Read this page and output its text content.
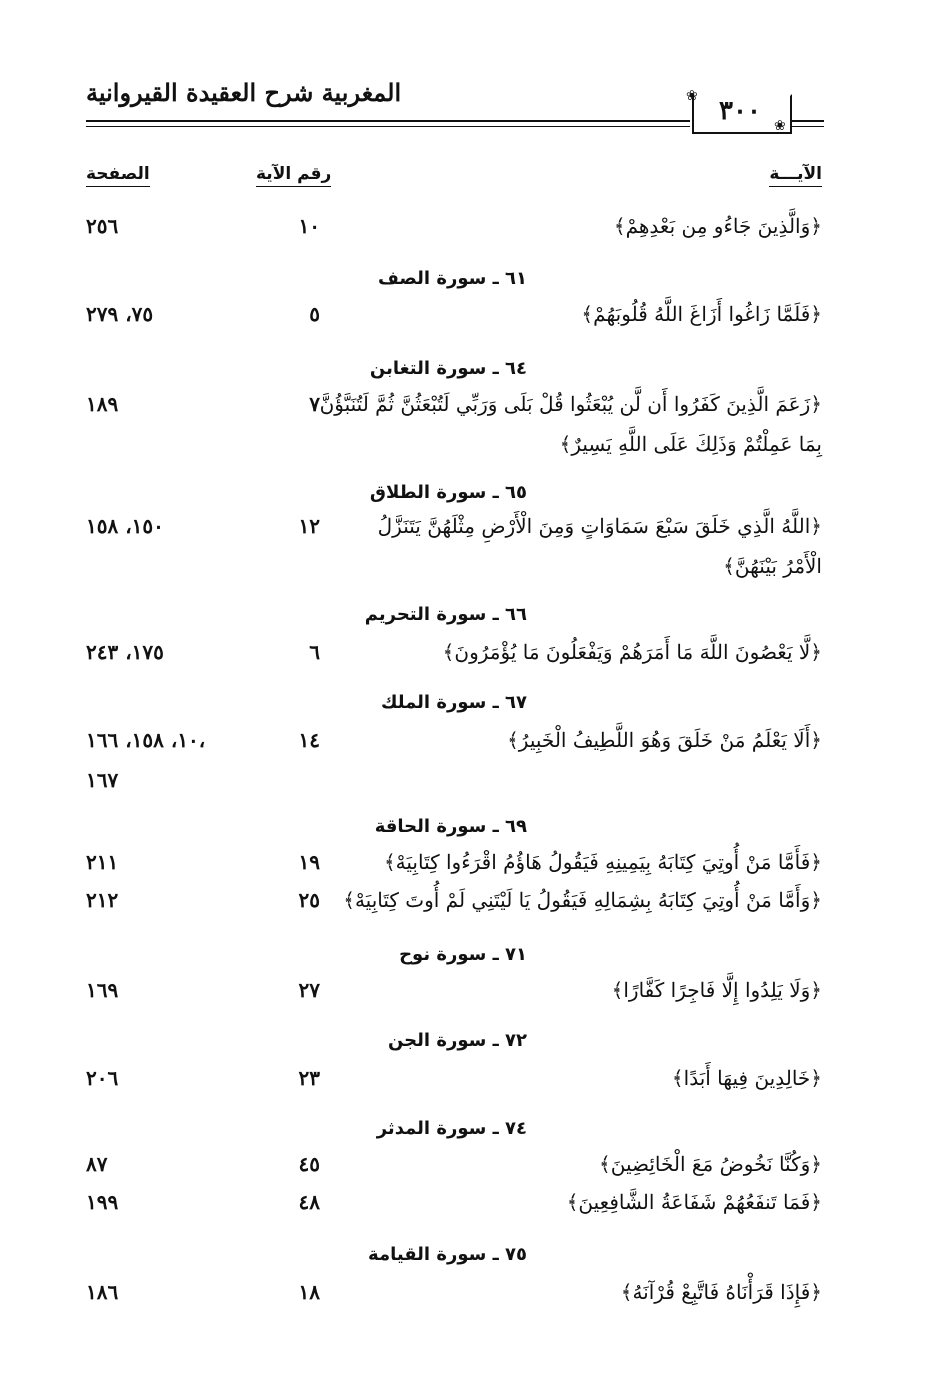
المغربية شرح العقيدة القيروانية	❀
❀
٣٠٠
الآيـــة
رقم الآية
الصفحة
﴿وَالَّذِينَ جَاءُو مِن بَعْدِهِمْ﴾
١٠
٢٥٦
٦١ ـ سورة الصف
﴿فَلَمَّا زَاغُوا أَزَاغَ اللَّهُ قُلُوبَهُمْ﴾
٥
٧٥، ٢٧٩
٦٤ ـ سورة التغابن
﴿زَعَمَ الَّذِينَ كَفَرُوا أَن لَّن يُبْعَثُوا قُلْ بَلَى وَرَبِّي لَتُبْعَثُنَّ ثُمَّ لَتُنَبَّؤُنَّ
بِمَا عَمِلْتُمْ وَذَلِكَ عَلَى اللَّهِ يَسِيرٌ﴾
٧
١٨٩
٦٥ ـ سورة الطلاق
﴿اللَّهُ الَّذِي خَلَقَ سَبْعَ سَمَاوَاتٍ وَمِنَ الْأَرْضِ مِثْلَهُنَّ يَتَنَزَّلُ
الْأَمْرُ بَيْنَهُنَّ﴾
١٢
١٥٠، ١٥٨
٦٦ ـ سورة التحريم
﴿لَّا يَعْصُونَ اللَّهَ مَا أَمَرَهُمْ وَيَفْعَلُونَ مَا يُؤْمَرُونَ﴾
٦
١٧٥، ٢٤٣
٦٧ ـ سورة الملك
﴿أَلَا يَعْلَمُ مَنْ خَلَقَ وَهُوَ اللَّطِيفُ الْخَبِيرُ﴾
١٤
١٠، ١٥٨، ١٦٦،
١٦٧
٦٩ ـ سورة الحاقة
﴿فَأَمَّا مَنْ أُوتِيَ كِتَابَهُ بِيَمِينِهِ فَيَقُولُ هَاؤُمُ اقْرَءُوا كِتَابِيَهْ﴾
١٩
٢١١
﴿وَأَمَّا مَنْ أُوتِيَ كِتَابَهُ بِشِمَالِهِ فَيَقُولُ يَا لَيْتَنِي لَمْ أُوتَ كِتَابِيَهْ﴾
٢٥
٢١٢
٧١ ـ سورة نوح
﴿وَلَا يَلِدُوا إِلَّا فَاجِرًا كَفَّارًا﴾
٢٧
١٦٩
٧٢ ـ سورة الجن
﴿خَالِدِينَ فِيهَا أَبَدًا﴾
٢٣
٢٠٦
٧٤ ـ سورة المدثر
﴿وَكُنَّا نَخُوضُ مَعَ الْخَائِضِينَ﴾
٤٥
٨٧
﴿فَمَا تَنفَعُهُمْ شَفَاعَةُ الشَّافِعِينَ﴾
٤٨
١٩٩
٧٥ ـ سورة القيامة
﴿فَإِذَا قَرَأْنَاهُ فَاتَّبِعْ قُرْآنَهُ﴾
١٨
١٨٦
